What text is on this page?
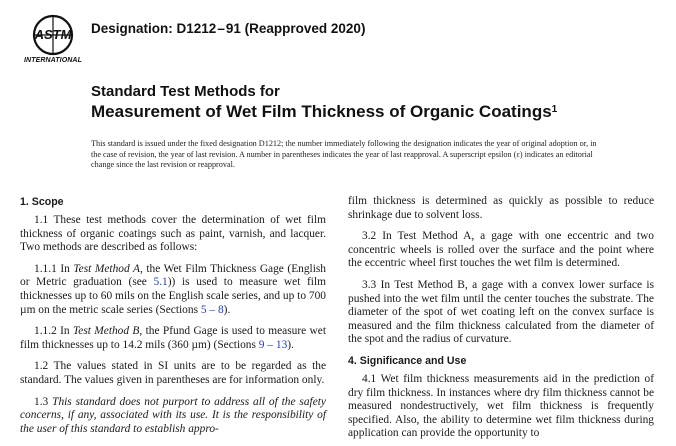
ASTM
INTERNATIONAL
Designation: D1212–91 (Reapproved 2020)
Standard Test Methods for
Measurement of Wet Film Thickness of Organic Coatings$^1$
This standard is issued under the fixed designation D1212; the number immediately following the designation indicates the year of original adoption or, in the case of revision, the year of last revision. A number in parentheses indicates the year of last reapproval. A superscript epsilon (ε) indicates an editorial change since the last revision or reapproval.
1. Scope

1.1 These test methods cover the determination of wet film thickness of organic coatings such as paint, varnish, and lacquer. Two methods are described as follows:

1.1.1 In Test Method A, the Wet Film Thickness Gage (English or Metric graduation (see 5.1)) is used to measure wet film thicknesses up to 60 mils on the English scale series, and up to 700 µm on the metric scale series (Sections 5 – 8).

1.1.2 In Test Method B, the Pfund Gage is used to measure wet film thicknesses up to 14.2 mils (360 µm) (Sections 9 – 13).

1.2 The values stated in SI units are to be regarded as the standard. The values given in parentheses are for information only.

1.3 This standard does not purport to address all of the safety concerns, if any, associated with its use. It is the responsibility of the user of this standard to establish appro-

film thickness is determined as quickly as possible to reduce shrinkage due to solvent loss.

3.2 In Test Method A, a gage with one eccentric and two concentric wheels is rolled over the surface and the point where the eccentric wheel first touches the wet film is determined.

3.3 In Test Method B, a gage with a convex lower surface is pushed into the wet film until the center touches the substrate. The diameter of the spot of wet coating left on the convex surface is measured and the film thickness calculated from the diameter of the spot and the radius of curvature.

4. Significance and Use

4.1 Wet film thickness measurements aid in the prediction of dry film thickness. In instances where dry film thickness cannot be measured nondestructively, wet film thickness is frequently specified. Also, the ability to determine wet film thickness during application can provide the opportunity to
